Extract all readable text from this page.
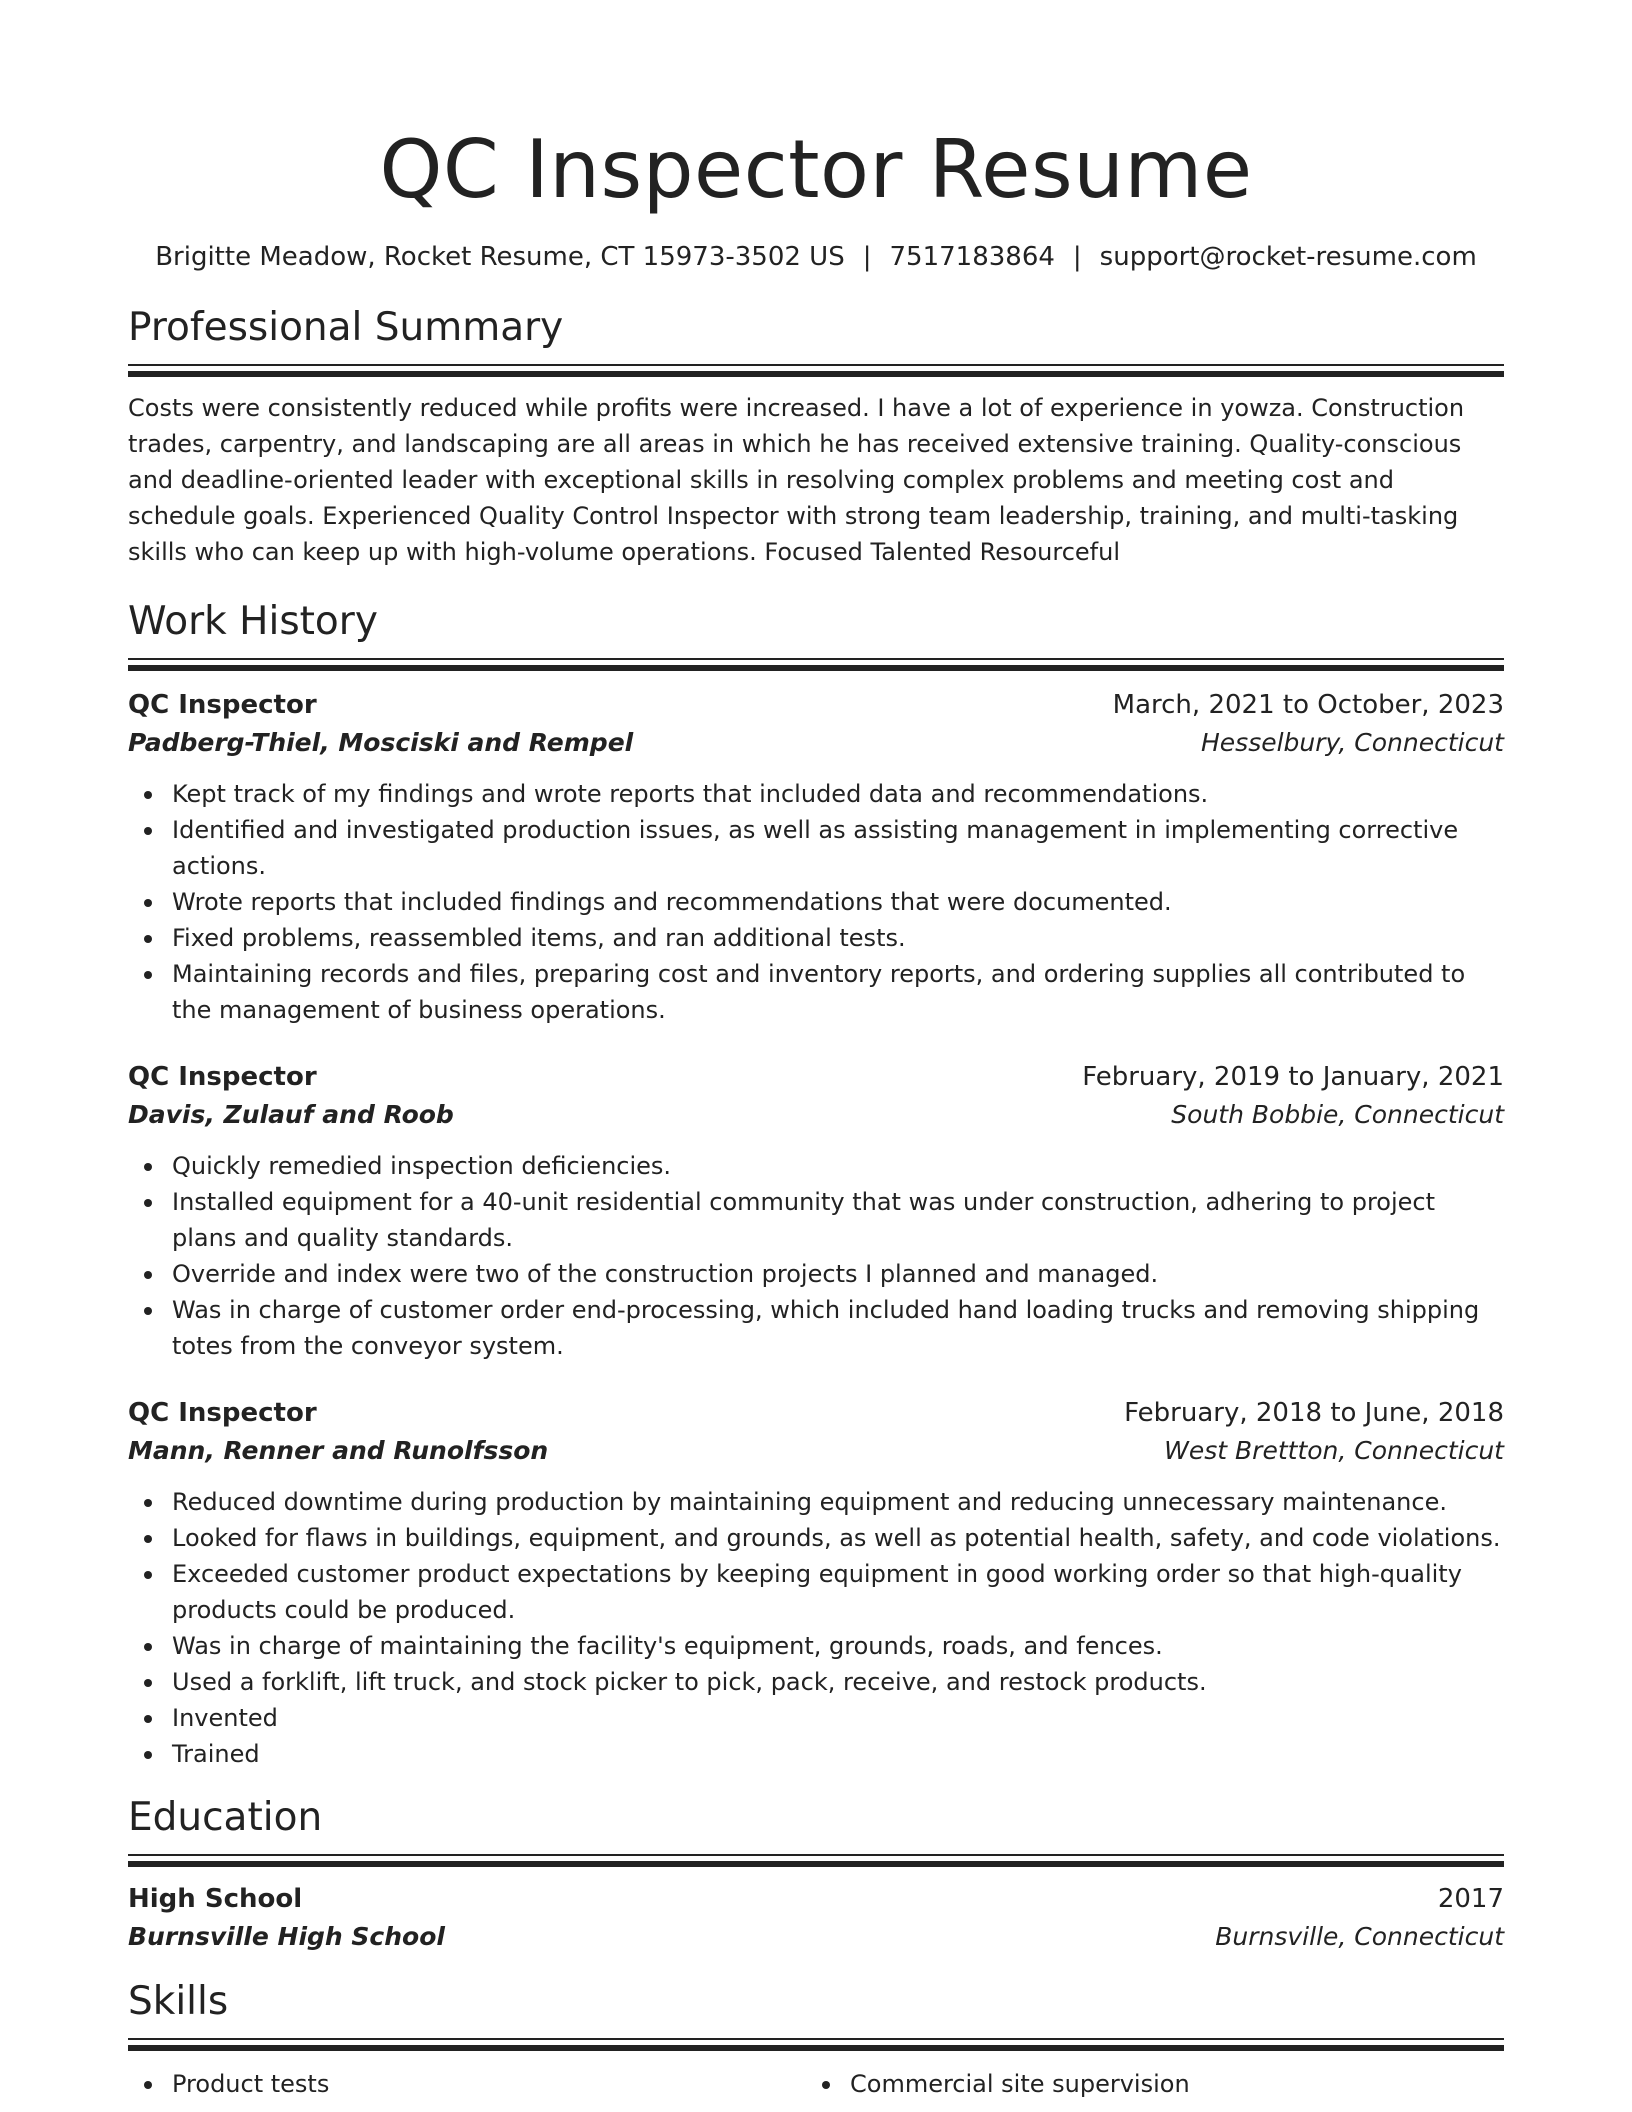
QC Inspector Resume
Brigitte Meadow, Rocket Resume, CT 15973-3502 US | 7517183864 | support@rocket-resume.com
Professional Summary

Costs were consistently reduced while profits were increased. I have a lot of experience in yowza. Construction trades, carpentry, and landscaping are all areas in which he has received extensive training. Quality-conscious and deadline-oriented leader with exceptional skills in resolving complex problems and meeting cost and schedule goals. Experienced Quality Control Inspector with strong team leadership, training, and multi-tasking skills who can keep up with high-volume operations. Focused Talented Resourceful

Work History
QC Inspector	March, 2021 to October, 2023
Padberg-Thiel, Mosciski and Rempel	Hesselbury, Connecticut
Kept track of my findings and wrote reports that included data and recommendations.
Identified and investigated production issues, as well as assisting management in implementing corrective actions.
Wrote reports that included findings and recommendations that were documented.
Fixed problems, reassembled items, and ran additional tests.
Maintaining records and files, preparing cost and inventory reports, and ordering supplies all contributed to the management of business operations.
QC Inspector	February, 2019 to January, 2021
Davis, Zulauf and Roob	South Bobbie, Connecticut
Quickly remedied inspection deficiencies.
Installed equipment for a 40-unit residential community that was under construction, adhering to project plans and quality standards.
Override and index were two of the construction projects I planned and managed.
Was in charge of customer order end-processing, which included hand loading trucks and removing shipping totes from the conveyor system.
QC Inspector	February, 2018 to June, 2018
Mann, Renner and Runolfsson	West Brettton, Connecticut
Reduced downtime during production by maintaining equipment and reducing unnecessary maintenance.
Looked for flaws in buildings, equipment, and grounds, as well as potential health, safety, and code violations.
Exceeded customer product expectations by keeping equipment in good working order so that high-quality products could be produced.
Was in charge of maintaining the facility's equipment, grounds, roads, and fences.
Used a forklift, lift truck, and stock picker to pick, pack, receive, and restock products.
Invented
Trained
Education
High School	2017
Burnsville High School	Burnsville, Connecticut
Skills
Product tests	Commercial site supervision
